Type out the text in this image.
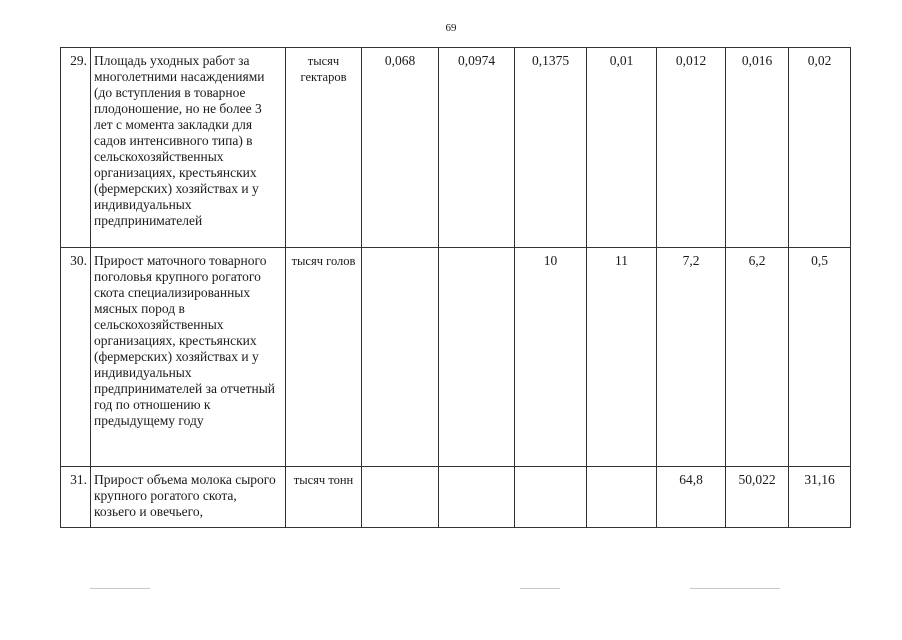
69
29.	Площадь уходных работ за многолетними насаждениями (до вступления в товарное плодоношение, но не более 3 лет с момента закладки для садов интенсивного типа) в сельскохозяйственных организациях, крестьянских (фермерских) хозяйствах и у индивидуальных предпринимателей	тысяч гектаров	0,068	0,0974	0,1375	0,01	0,012	0,016	0,02
30.	Прирост маточного товарного поголовья крупного рогатого скота специализированных мясных пород в сельскохозяйственных организациях, крестьянских (фермерских) хозяйствах и у индивидуальных предпринимателей за отчетный год по отношению к предыдущему году	тысяч голов			10	11	7,2	6,2	0,5
31.	Прирост объема молока сырого крупного рогатого скота, козьего и овечьего,	тысяч тонн					64,8	50,022	31,16
